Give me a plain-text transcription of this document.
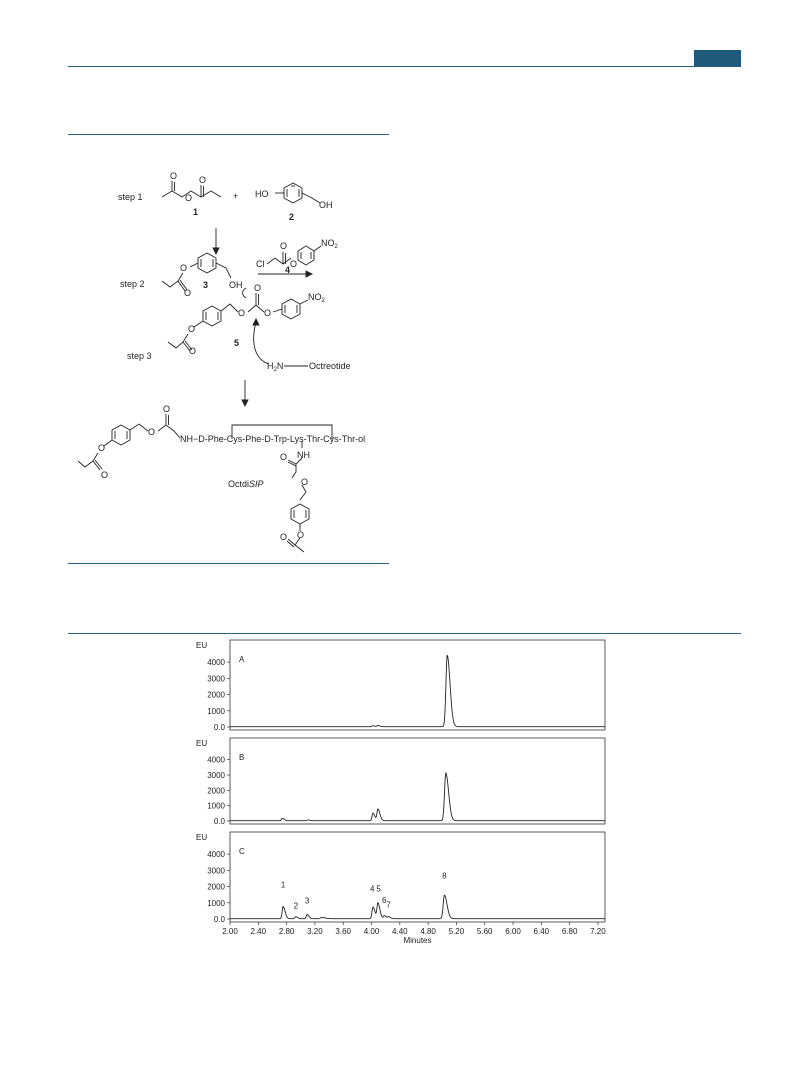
step 1	+
O
O
O
1
HO
OH
2
step 2
O
O
3 OH
Cl
O
O
$NO_2$
4
step 3
O
O
O
$NO_2$
O
O
5
$H_2N$	Octreotide
O
O
O
O
NH−D-Phe-Cys-Phe-D-Trp-Lys-Thr-Cys-Thr-ol
NH
O
O
OctdiSIP
O
O
EU
A
0.0
1000
2000
3000
4000
EU
B
0.0
1000
2000
3000
4000
EU
C
0.0
1000
2000
3000
4000
1
2
3
4 5
6
7
8
2.00 2.40 2.80 3.20 3.60 4.00 4.40 4.80 5.20 5.60 6.00 6.40 6.80 7.20
Minutes
